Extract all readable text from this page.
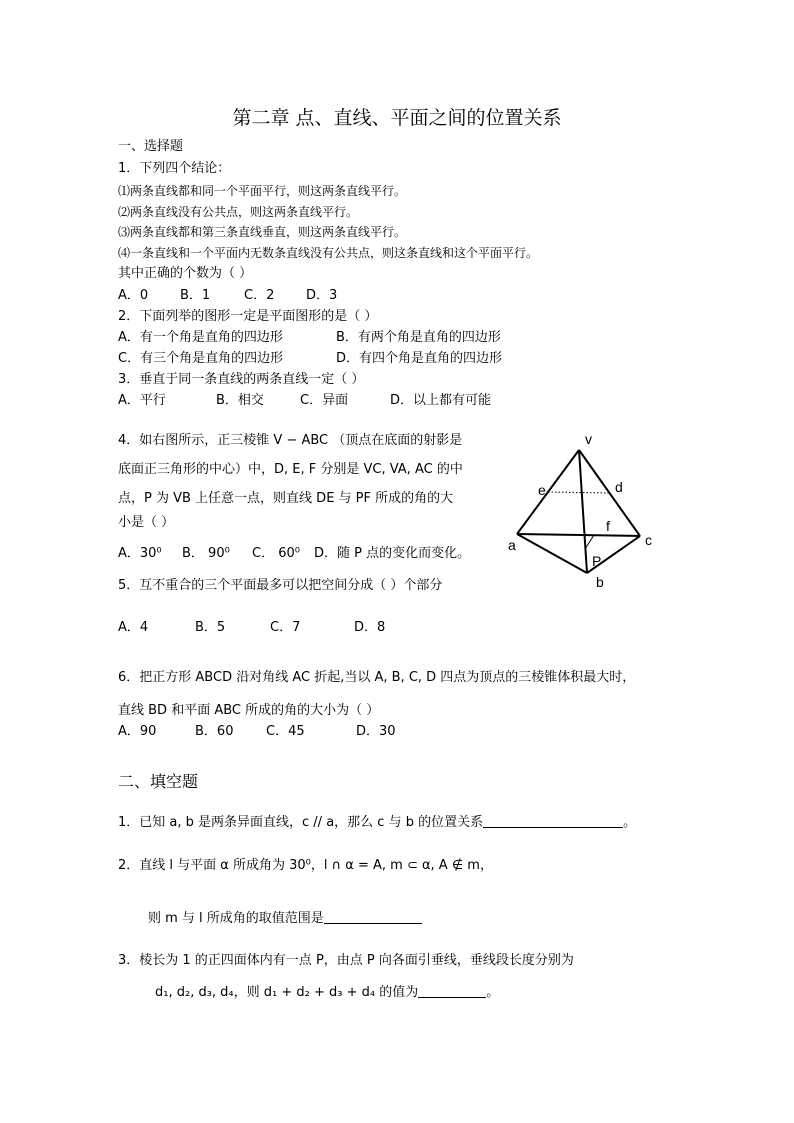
第二章 点、直线、平面之间的位置关系
一、选择题
1．下列四个结论：
⑴两条直线都和同一个平面平行，则这两条直线平行。
⑵两条直线没有公共点，则这两条直线平行。
⑶两条直线都和第三条直线垂直，则这两条直线平行。
⑷一条直线和一个平面内无数条直线没有公共点，则这条直线和这个平面平行。
其中正确的个数为（ ）
A．0 B．1	C．2 D．3
2．下面列举的图形一定是平面图形的是（ ）
A．有一个角是直角的四边形	B．有两个角是直角的四边形
C．有三个角是直角的四边形	D．有四个角是直角的四边形
3．垂直于同一条直线的两条直线一定（ ）
A．平行	B．相交	C．异面	D．以上都有可能
4．如右图所示，正三棱锥 V − ABC （顶点在底面的射影是
底面正三角形的中心）中，D, E, F 分别是 VC, VA, AC 的中
点，P 为 VB 上任意一点，则直线 DE 与 PF 所成的角的大
小是（ ）
A．30⁰ B． 90⁰ C． 60⁰ D．随 P 点的变化而变化。
v
e	d
f
a	c
P
b
5．互不重合的三个平面最多可以把空间分成（ ）个部分
A．4	B．5	C．7	D．8
6．把正方形 ABCD 沿对角线 AC 折起,当以 A, B, C, D 四点为顶点的三棱锥体积最大时，
直线 BD 和平面 ABC 所成的角的大小为（ ）
A．90	B．60	C．45	D．30
二、填空题
1．已知 a, b 是两条异面直线，c // a，那么 c 与 b 的位置关系	。
2．直线 l 与平面 α 所成角为 30⁰，l ∩ α = A, m ⊂ α, A ∉ m，
则 m 与 l 所成角的取值范围是
3．棱长为 1 的正四面体内有一点 P，由点 P 向各面引垂线，垂线段长度分别为
d₁, d₂, d₃, d₄，则 d₁ + d₂ + d₃ + d₄ 的值为	。
